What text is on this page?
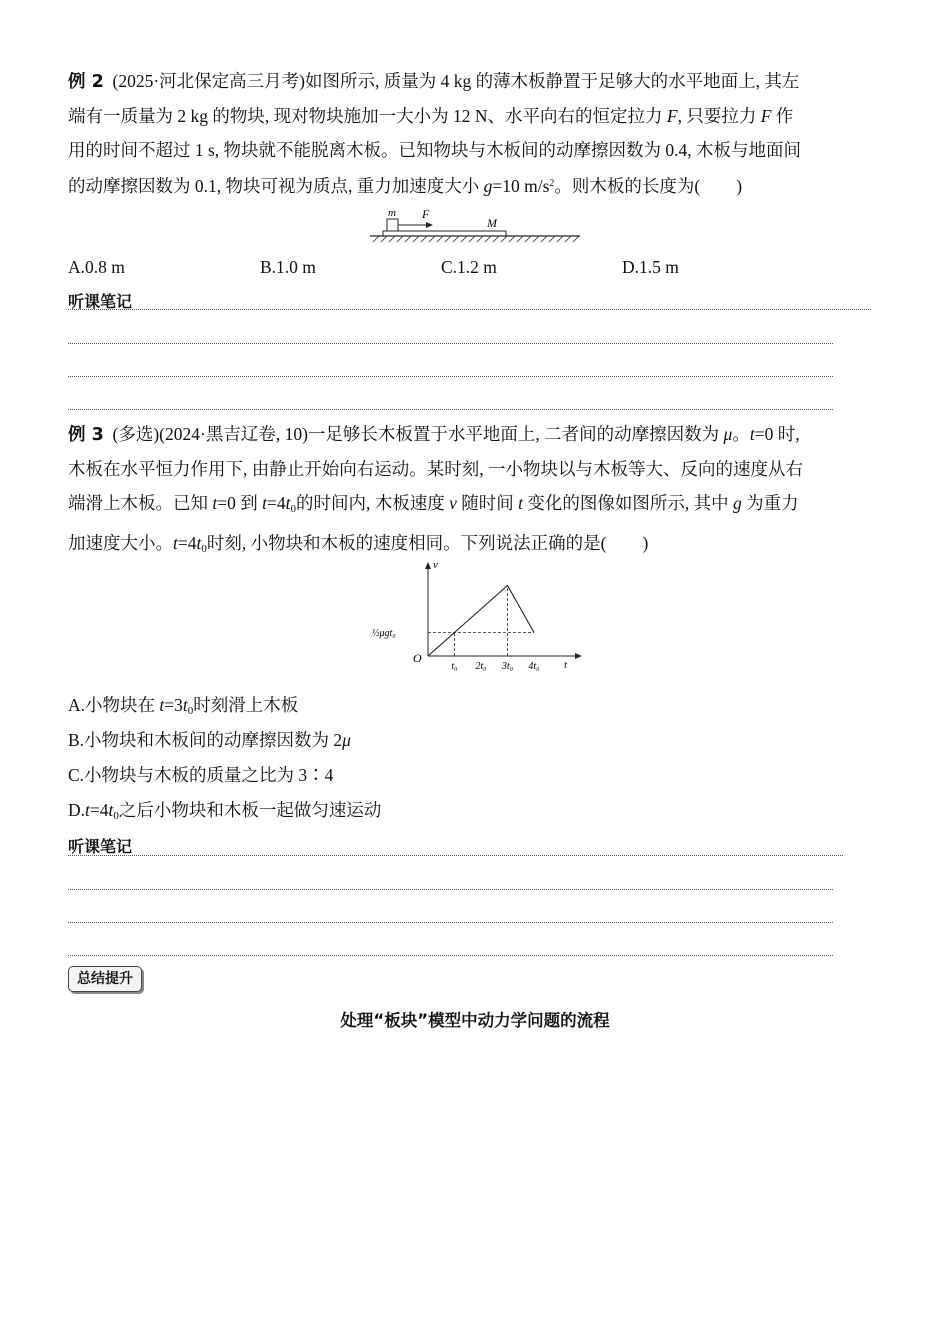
例 2 (2025·河北保定高三月考)如图所示, 质量为 4 kg 的薄木板静置于足够大的水平地面上, 其左

端有一质量为 2 kg 的物块, 现对物块施加一大小为 12 N、水平向右的恒定拉力 F, 只要拉力 F 作

用的时间不超过 1 s, 物块就不能脱离木板。已知物块与木板间的动摩擦因数为 0.4, 木板与地面间

的动摩擦因数为 0.1, 物块可视为质点, 重力加速度大小 g=10 $m/s^2$。则木板的长度为( )

m F
M
A.0.8 m	B.1.0 m	C.1.2 m	D.1.5 m
听课笔记

例 3 (多选)(2024·黑吉辽卷, 10)一足够长木板置于水平地面上, 二者间的动摩擦因数为 μ。t=0 时,

木板在水平恒力作用下, 由静止开始向右运动。某时刻, 一小物块以与木板等大、反向的速度从右

端滑上木板。已知 t=0 到 $t=4t_0$的时间内, 木板速度 v 随时间 t 变化的图像如图所示, 其中 g 为重力

加速度大小。$t=4t_0$时刻, 小物块和木板的速度相同。下列说法正确的是( )

v
t
O
½μgt₀
t₀ 2t₀ 3t₀ 4t₀
A.小物块在 $t=3t_0$时刻滑上木板
B.小物块和木板间的动摩擦因数为 2μ
C.小物块与木板的质量之比为 3∶4
$D.t=4t_0$之后小物块和木板一起做匀速运动
听课笔记
总结提升
处理“板块”模型中动力学问题的流程
